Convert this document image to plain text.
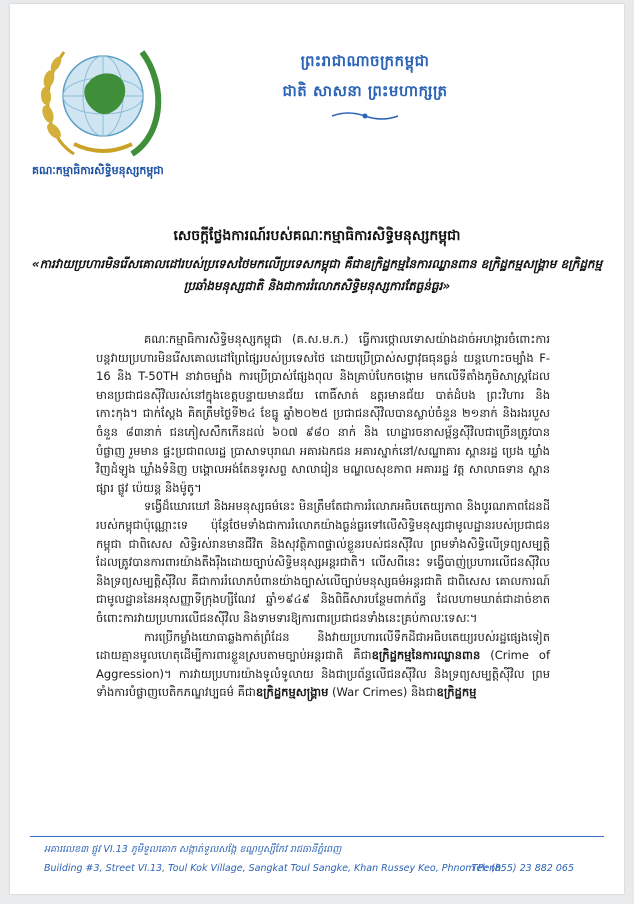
គណៈកម្មាធិការសិទ្ធិមនុស្សកម្ពុជា
ព្រះរាជាណាចក្រកម្ពុជា
ជាតិ សាសនា ព្រះមហាក្សត្រ
សេចក្តីថ្លែងការណ៍របស់គណៈកម្មាធិការសិទ្ធិមនុស្សកម្ពុជា
«ការវាយប្រហារមិនរើសគោលដៅរបស់ប្រទេសថៃមកលើប្រទេសកម្ពុជា គឺជាឧក្រិដ្ឋកម្មនៃការឈ្លានពាន ឧក្រិដ្ឋកម្មសង្គ្រាម ឧក្រិដ្ឋកម្មប្រឆាំងមនុស្សជាតិ និងជាការរំលោភសិទ្ធិមនុស្សការតែធ្ងន់ធ្ងរ»

គណៈកម្មាធិការសិទ្ធិមនុស្សកម្ពុជា (គ.ស.ម.ក.) ធ្វើការថ្កោលទោសយ៉ាងដាច់អហង្ការចំពោះការបន្តវាយប្រហារមិនរើសគោលដៅព្រៃផ្សៃរបស់ប្រទេសថៃ ដោយប្រើប្រាស់សព្វាវុធធុនធ្ងន់ យន្តហោះចម្បាំង F-16 និង T-50TH នាវាចម្បាំង ការប្រើប្រាស់ផ្សែងពុល និងគ្រាប់បែកចង្កោម មកលើទីតាំងភូមិសាស្ត្រដែលមានប្រជាជនស៊ីវិលរស់នៅក្នុងខេត្តបន្ទាយមានជ័យ ពោធិ៍សាត់ ឧត្តរមានជ័យ បាត់ដំបង ព្រះវិហារ និងកោះកុង។ ជាក់ស្តែង គិតត្រឹមថ្ងៃទី២៤ ខែធ្នូ ឆ្នាំ២០២៥ ប្រជាជនស៊ីវិលបានស្លាប់ចំនួន ២១នាក់ និងរងរបួសចំនួន ៨៣នាក់ ជនភៀសសឹកកើនដល់ ៦០៧ ៩៨០ នាក់ និង ហេដ្ឋារចនាសម្ព័ន្ធស៊ីវិលជាច្រើនត្រូវបានបំផ្លាញ រួមមាន ផ្ទះប្រជាពលរដ្ឋ ប្រាសាទបុរាណ អគារឯកជន អគារស្នាក់នៅ/សណ្ឋាគារ ស្ពានរដ្ឋ ប្រេង ឃ្លាំងវិញដំឡូង ឃ្លាំងទំនិញ បង្គោលអង់តែនទូរសព្ទ សាលារៀន មណ្ឌលសុខភាព អគាររដ្ឋ វត្ត សាលាធទាន ស្ពាន ផ្សារ ផ្លូវ ប៉េយន្ត និងម៉ូតូ។

ទង្វើដ៏ឃោរឃៅ និងអមនុស្សធម៌នេះ មិនត្រឹមតែជាការរំលោភអធិបតេយ្យភាព និងបូរណភាពដែនដីរបស់កម្ពុជាប៉ុណ្ណោះទេ ប៉ុន្តែថែមទាំងជាការរំលោភយ៉ាងធ្ងន់ធ្ងរទៅលើសិទ្ធិមនុស្សជាមូលដ្ឋានរបស់ប្រជាជនកម្ពុជា ជាពិសេស សិទ្ធិរស់រានមានជីវិត និងសុវត្ថិភាពផ្ទាល់ខ្លួនរបស់ជនស៊ីវិល ព្រមទាំងសិទ្ធិលើទ្រព្យសម្បត្តិ ដែលត្រូវបានការពារយ៉ាងតឹងរ៉ឹងដោយច្បាប់សិទ្ធិមនុស្សអន្តរជាតិ។ លើសពីនេះ ទង្វើបាញ់ប្រហារលើជនស៊ីវិល និងទ្រព្យសម្បត្តិស៊ីវិល គឺជាការរំលោភបំពានយ៉ាងច្បាស់លើច្បាប់មនុស្សធម៌អន្តរជាតិ ជាពិសេស គោលការណ៍ជាមូលដ្ឋាននៃអនុសញ្ញាទីក្រុងហ្សឺណែវ ឆ្នាំ១៩៤៩ និងពិធីសារបន្ថែមពាក់ព័ន្ធ ដែលហាមឃាត់ជាដាច់ខាតចំពោះការវាយប្រហារលើជនស៊ីវិល និងទាមទារឱ្យការពារប្រជាជនទាំងនេះគ្រប់កាលៈទេសៈ។

ការប្រើកម្លាំងយោធាឆ្លងកាត់ព្រំដែន និងវាយប្រហារលើទឹកដីជាអធិបតេយ្យរបស់រដ្ឋផ្សេងទៀត ដោយគ្មានមូលហេតុដើម្បីការពារខ្លួនស្របតាមច្បាប់អន្តរជាតិ គឺជាឧក្រិដ្ឋកម្មនៃការឈ្លានពាន (Crime of Aggression)។ ការវាយប្រហារយ៉ាងទូលំទូលាយ និងជាប្រព័ន្ធលើជនស៊ីវិល និងទ្រព្យសម្បត្តិស៊ីវិល ព្រមទាំងការបំផ្លាញបេតិកភណ្ឌវប្បធម៌ គឺជាឧក្រិដ្ឋកម្មសង្គ្រាម (War Crimes) និងជាឧក្រិដ្ឋកម្ម

អគារលេខ៣ ផ្លូវ VI.13 ភូមិទួលគោក សង្កាត់ទួលសង្កែ ខណ្ឌឫស្សីកែវ រាជធានីភ្នំពេញ
Building #3, Street VI.13, Toul Kok Village, Sangkat Toul Sangke, Khan Russey Keo, Phnom Penh
Tel: (855) 23 882 065
